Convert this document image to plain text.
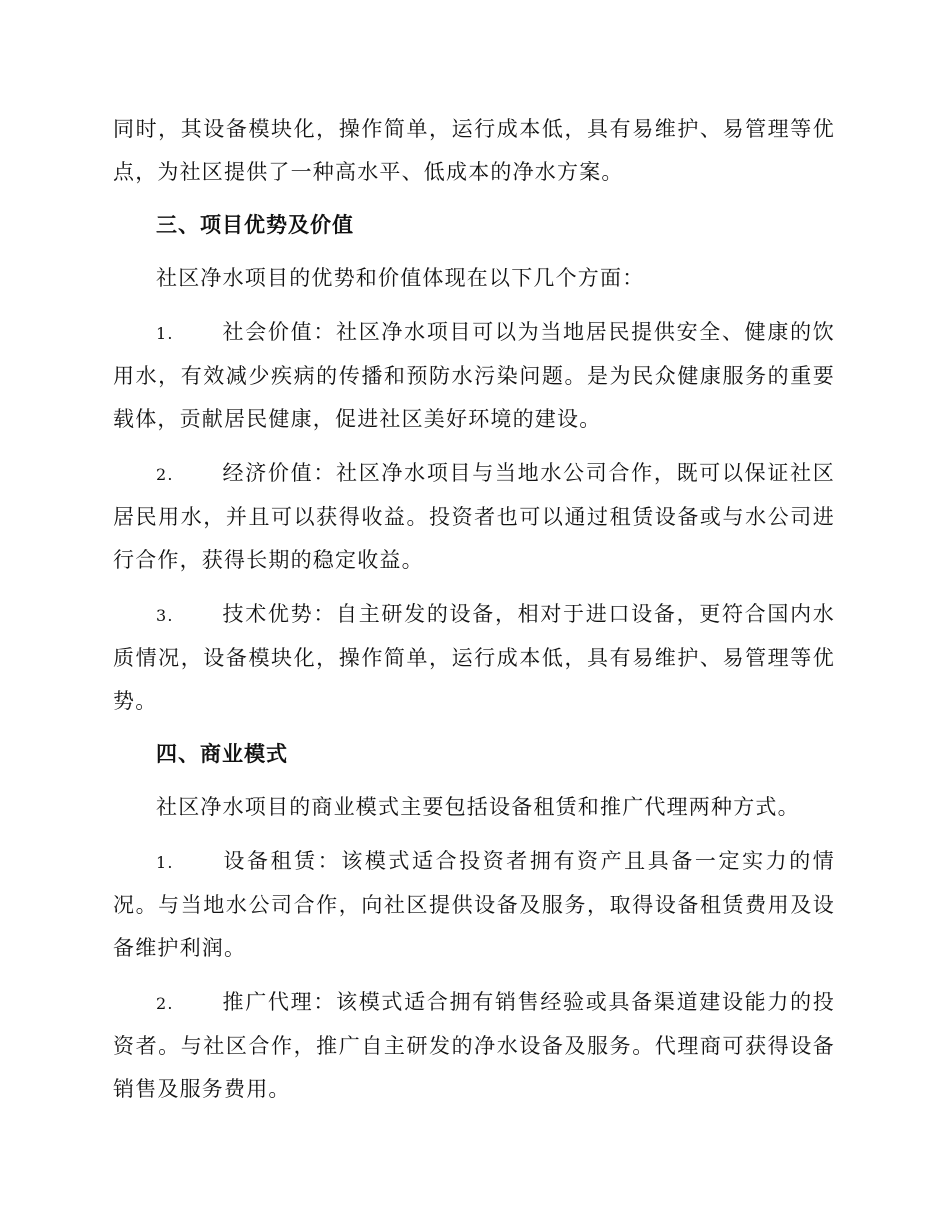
同时，其设备模块化，操作简单，运行成本低，具有易维护、易管理等优点，为社区提供了一种高水平、低成本的净水方案。

三、项目优势及价值

社区净水项目的优势和价值体现在以下几个方面：

1. 社会价值：社区净水项目可以为当地居民提供安全、健康的饮用水，有效减少疾病的传播和预防水污染问题。是为民众健康服务的重要载体，贡献居民健康，促进社区美好环境的建设。

2. 经济价值：社区净水项目与当地水公司合作，既可以保证社区居民用水，并且可以获得收益。投资者也可以通过租赁设备或与水公司进行合作，获得长期的稳定收益。

3. 技术优势：自主研发的设备，相对于进口设备，更符合国内水质情况，设备模块化，操作简单，运行成本低，具有易维护、易管理等优势。

四、商业模式

社区净水项目的商业模式主要包括设备租赁和推广代理两种方式。

1. 设备租赁：该模式适合投资者拥有资产且具备一定实力的情况。与当地水公司合作，向社区提供设备及服务，取得设备租赁费用及设备维护利润。

2. 推广代理：该模式适合拥有销售经验或具备渠道建设能力的投资者。与社区合作，推广自主研发的净水设备及服务。代理商可获得设备销售及服务费用。
